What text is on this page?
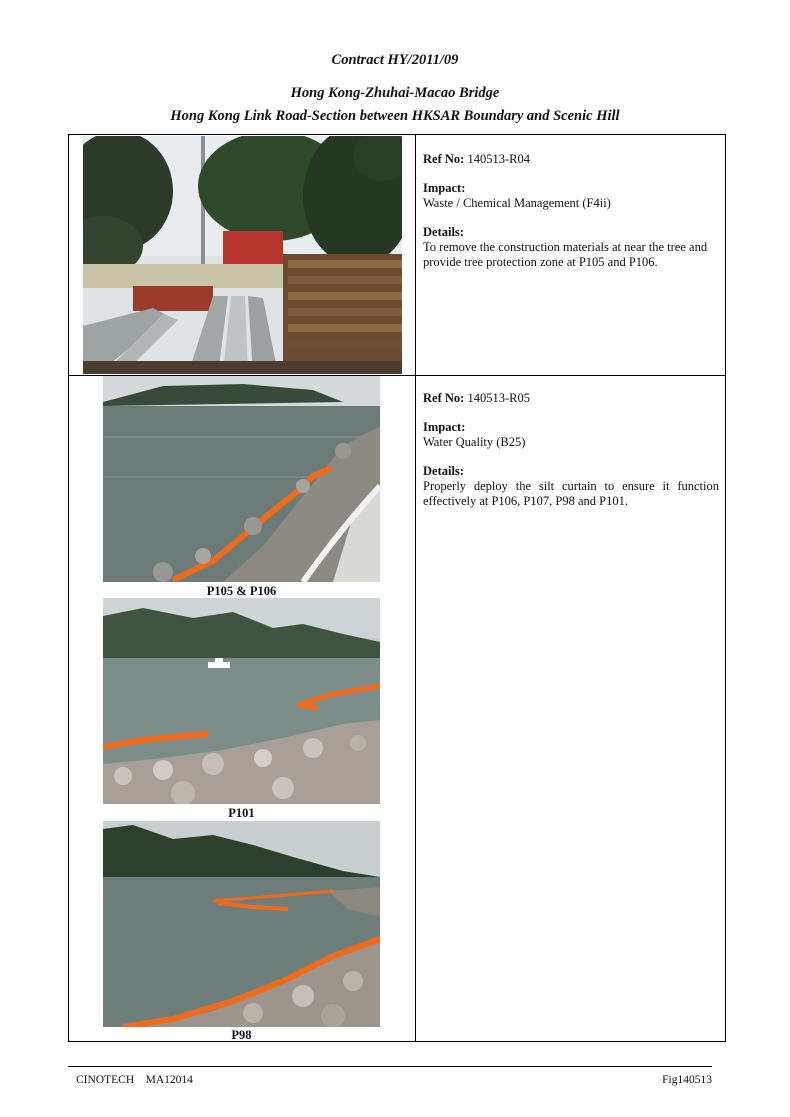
Contract HY/2011/09
Hong Kong-Zhuhai-Macao Bridge
Hong Kong Link Road-Section between HKSAR Boundary and Scenic Hill
P105 & P106
P101
P98

Ref No: 140513-R04

Impact:

Waste / Chemical Management (F4ii)

Details:

To remove the construction materials at near the tree and provide tree protection zone at P105 and P106.

Ref No: 140513-R05

Impact:

Water Quality (B25)

Details:

Properly deploy the silt curtain to ensure it function effectively at P106, P107, P98 and P101.

CINOTECH    MA12014	Fig140513
